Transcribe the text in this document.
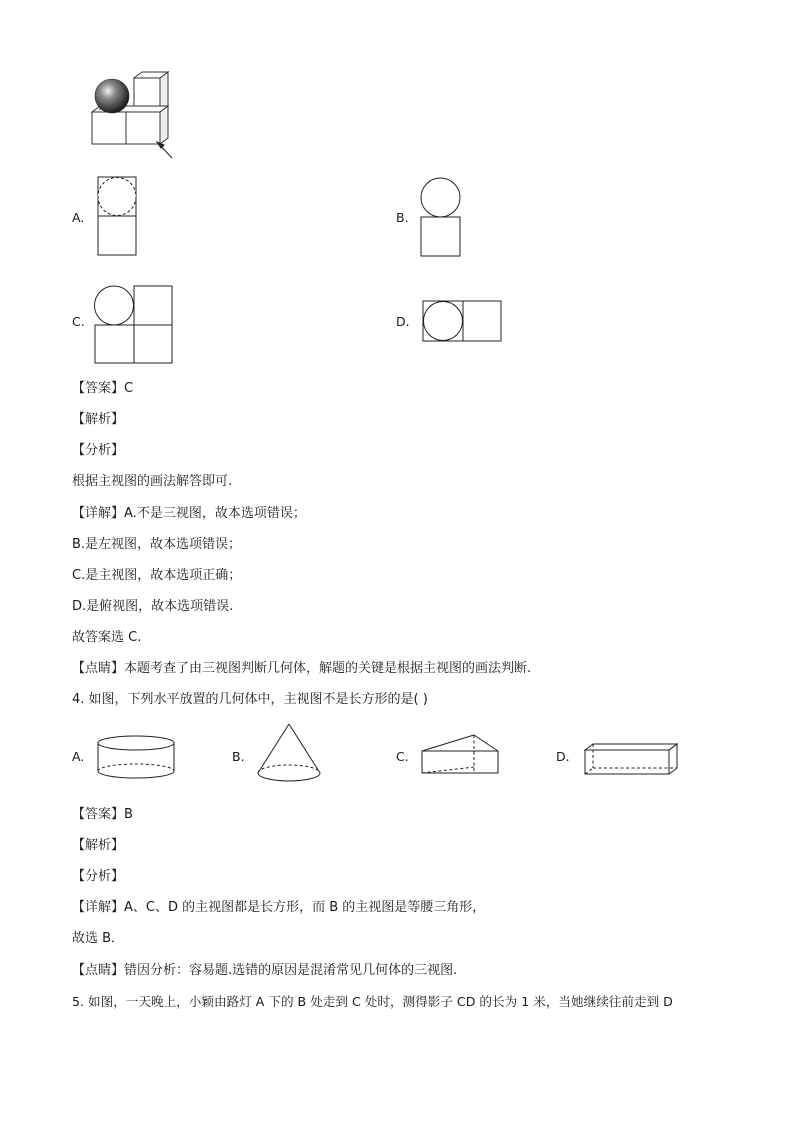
A.	B.
C.	D.
【答案】C
【解析】
【分析】
根据主视图的画法解答即可.
【详解】A.不是三视图，故本选项错误；
B.是左视图，故本选项错误；
C.是主视图，故本选项正确；
D.是俯视图，故本选项错误.
故答案选 C.
【点睛】本题考查了由三视图判断几何体，解题的关键是根据主视图的画法判断.
4. 如图，下列水平放置的几何体中，主视图不是长方形的是( )
A.	B.	C.	D.
【答案】B
【解析】
【分析】
【详解】A、C、D 的主视图都是长方形，而 B 的主视图是等腰三角形，
故选 B．
【点睛】错因分析：容易题.选错的原因是混淆常见几何体的三视图.
5. 如图，一天晚上，小颖由路灯 A 下的 B 处走到 C 处时，测得影子 CD 的长为 1 米，当她继续往前走到 D
